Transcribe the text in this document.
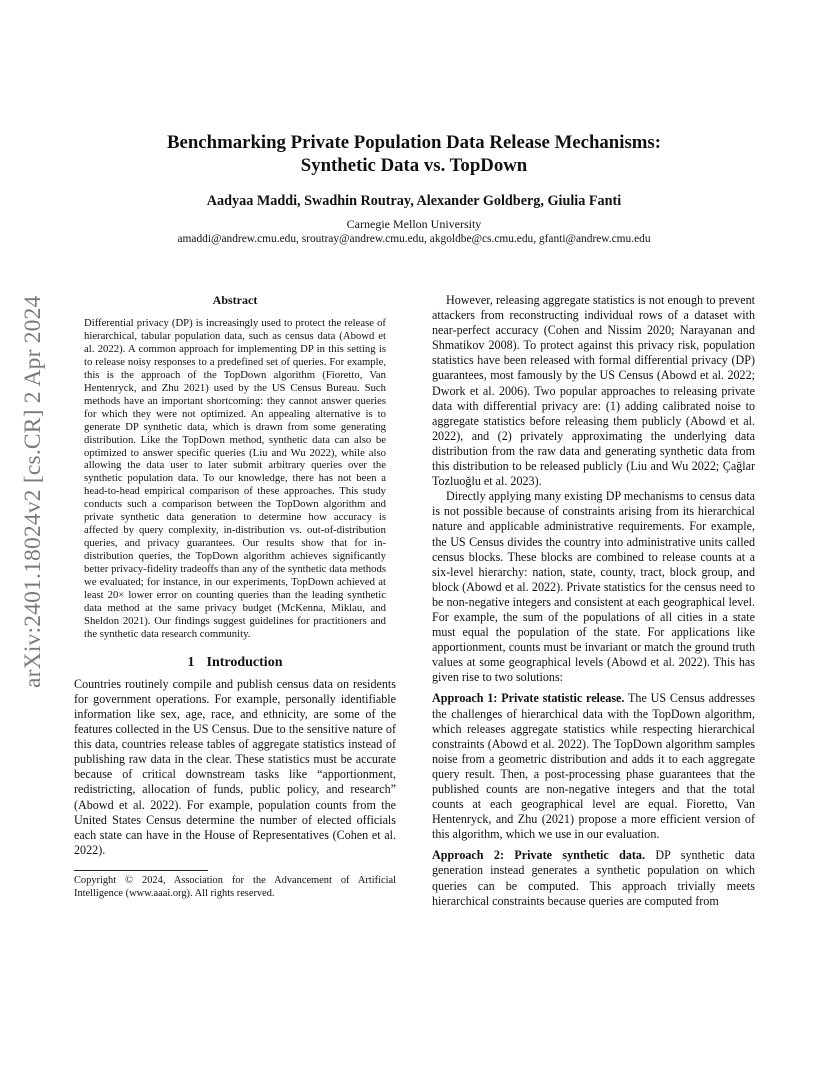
arXiv:2401.18024v2 [cs.CR] 2 Apr 2024
Benchmarking Private Population Data Release Mechanisms:
Synthetic Data vs. TopDown

Aadyaa Maddi, Swadhin Routray, Alexander Goldberg, Giulia Fanti

Carnegie Mellon University
amaddi@andrew.cmu.edu, sroutray@andrew.cmu.edu, akgoldbe@cs.cmu.edu, gfanti@andrew.cmu.edu
Abstract

Differential privacy (DP) is increasingly used to protect the release of hierarchical, tabular population data, such as census data (Abowd et al. 2022). A common approach for implementing DP in this setting is to release noisy responses to a predefined set of queries. For example, this is the approach of the TopDown algorithm (Fioretto, Van Hentenryck, and Zhu 2021) used by the US Census Bureau. Such methods have an important shortcoming: they cannot answer queries for which they were not optimized. An appealing alternative is to generate DP synthetic data, which is drawn from some generating distribution. Like the TopDown method, synthetic data can also be optimized to answer specific queries (Liu and Wu 2022), while also allowing the data user to later submit arbitrary queries over the synthetic population data. To our knowledge, there has not been a head-to-head empirical comparison of these approaches. This study conducts such a comparison between the TopDown algorithm and private synthetic data generation to determine how accuracy is affected by query complexity, in-distribution vs. out-of-distribution queries, and privacy guarantees. Our results show that for in-distribution queries, the TopDown algorithm achieves significantly better privacy-fidelity tradeoffs than any of the synthetic data methods we evaluated; for instance, in our experiments, TopDown achieved at least 20× lower error on counting queries than the leading synthetic data method at the same privacy budget (McKenna, Miklau, and Sheldon 2021). Our findings suggest guidelines for practitioners and the synthetic data research community.

1 Introduction

Countries routinely compile and publish census data on residents for government operations. For example, personally identifiable information like sex, age, race, and ethnicity, are some of the features collected in the US Census. Due to the sensitive nature of this data, countries release tables of aggregate statistics instead of publishing raw data in the clear. These statistics must be accurate because of critical downstream tasks like “apportionment, redistricting, allocation of funds, public policy, and research” (Abowd et al. 2022). For example, population counts from the United States Census determine the number of elected officials each state can have in the House of Representatives (Cohen et al. 2022).

Copyright © 2024, Association for the Advancement of Artificial Intelligence (www.aaai.org). All rights reserved.

However, releasing aggregate statistics is not enough to prevent attackers from reconstructing individual rows of a dataset with near-perfect accuracy (Cohen and Nissim 2020; Narayanan and Shmatikov 2008). To protect against this privacy risk, population statistics have been released with formal differential privacy (DP) guarantees, most famously by the US Census (Abowd et al. 2022; Dwork et al. 2006). Two popular approaches to releasing private data with differential privacy are: (1) adding calibrated noise to aggregate statistics before releasing them publicly (Abowd et al. 2022), and (2) privately approximating the underlying data distribution from the raw data and generating synthetic data from this distribution to be released publicly (Liu and Wu 2022; Çağlar Tozluoğlu et al. 2023).

Directly applying many existing DP mechanisms to census data is not possible because of constraints arising from its hierarchical nature and applicable administrative requirements. For example, the US Census divides the country into administrative units called census blocks. These blocks are combined to release counts at a six-level hierarchy: nation, state, county, tract, block group, and block (Abowd et al. 2022). Private statistics for the census need to be non-negative integers and consistent at each geographical level. For example, the sum of the populations of all cities in a state must equal the population of the state. For applications like apportionment, counts must be invariant or match the ground truth values at some geographical levels (Abowd et al. 2022). This has given rise to two solutions:

Approach 1: Private statistic release. The US Census addresses the challenges of hierarchical data with the TopDown algorithm, which releases aggregate statistics while respecting hierarchical constraints (Abowd et al. 2022). The TopDown algorithm samples noise from a geometric distribution and adds it to each aggregate query result. Then, a post-processing phase guarantees that the published counts are non-negative integers and that the total counts at each geographical level are equal. Fioretto, Van Hentenryck, and Zhu (2021) propose a more efficient version of this algorithm, which we use in our evaluation.

Approach 2: Private synthetic data. DP synthetic data generation instead generates a synthetic population on which queries can be computed. This approach trivially meets hierarchical constraints because queries are computed from
